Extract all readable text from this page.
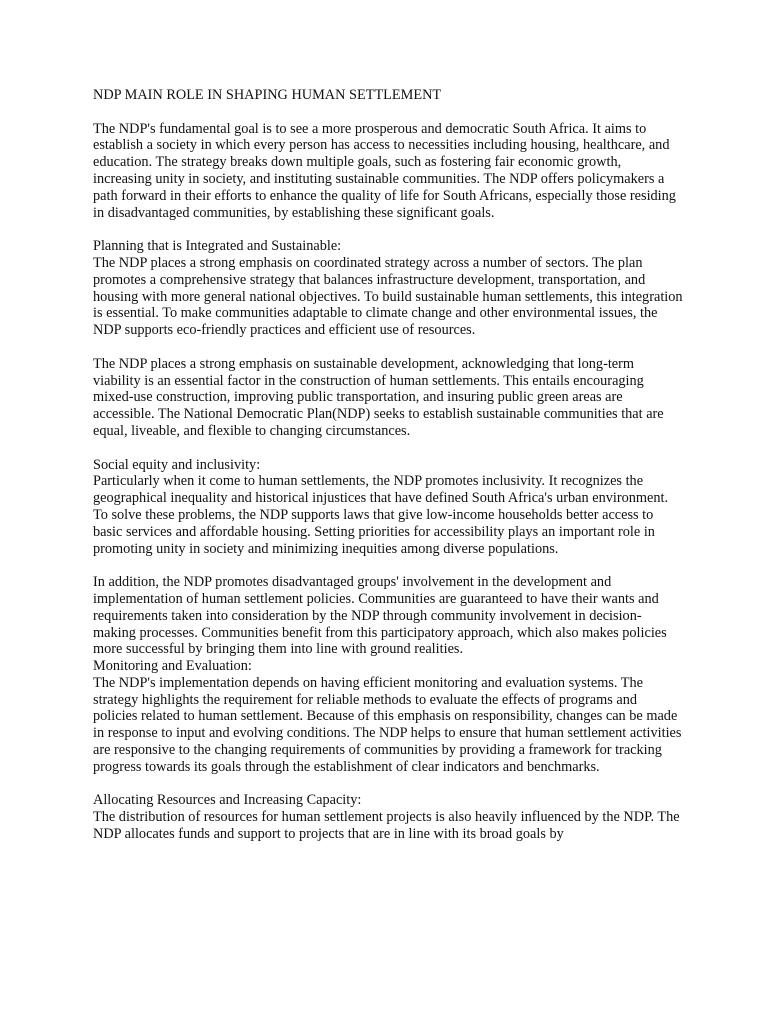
NDP MAIN ROLE IN SHAPING HUMAN SETTLEMENT

The NDP's fundamental goal is to see a more prosperous and democratic South Africa. It aims to establish a society in which every person has access to necessities including housing, healthcare, and education. The strategy breaks down multiple goals, such as fostering fair economic growth, increasing unity in society, and instituting sustainable communities. The NDP offers policymakers a path forward in their efforts to enhance the quality of life for South Africans, especially those residing in disadvantaged communities, by establishing these significant goals.

Planning that is Integrated and Sustainable:

The NDP places a strong emphasis on coordinated strategy across a number of sectors. The plan promotes a comprehensive strategy that balances infrastructure development, transportation, and housing with more general national objectives. To build sustainable human settlements, this integration is essential. To make communities adaptable to climate change and other environmental issues, the NDP supports eco-friendly practices and efficient use of resources.

The NDP places a strong emphasis on sustainable development, acknowledging that long-term viability is an essential factor in the construction of human settlements. This entails encouraging mixed-use construction, improving public transportation, and insuring public green areas are accessible. The National Democratic Plan(NDP) seeks to establish sustainable communities that are equal, liveable, and flexible to changing circumstances.

Social equity and inclusivity:

Particularly when it come to human settlements, the NDP promotes inclusivity. It recognizes the geographical inequality and historical injustices that have defined South Africa's urban environment. To solve these problems, the NDP supports laws that give low-income households better access to basic services and affordable housing. Setting priorities for accessibility plays an important role in promoting unity in society and minimizing inequities among diverse populations.

In addition, the NDP promotes disadvantaged groups' involvement in the development and implementation of human settlement policies. Communities are guaranteed to have their wants and requirements taken into consideration by the NDP through community involvement in decision-making processes. Communities benefit from this participatory approach, which also makes policies more successful by bringing them into line with ground realities.

Monitoring and Evaluation:

The NDP's implementation depends on having efficient monitoring and evaluation systems. The strategy highlights the requirement for reliable methods to evaluate the effects of programs and policies related to human settlement. Because of this emphasis on responsibility, changes can be made in response to input and evolving conditions. The NDP helps to ensure that human settlement activities are responsive to the changing requirements of communities by providing a framework for tracking progress towards its goals through the establishment of clear indicators and benchmarks.

Allocating Resources and Increasing Capacity:

The distribution of resources for human settlement projects is also heavily influenced by the NDP. The NDP allocates funds and support to projects that are in line with its broad goals by
